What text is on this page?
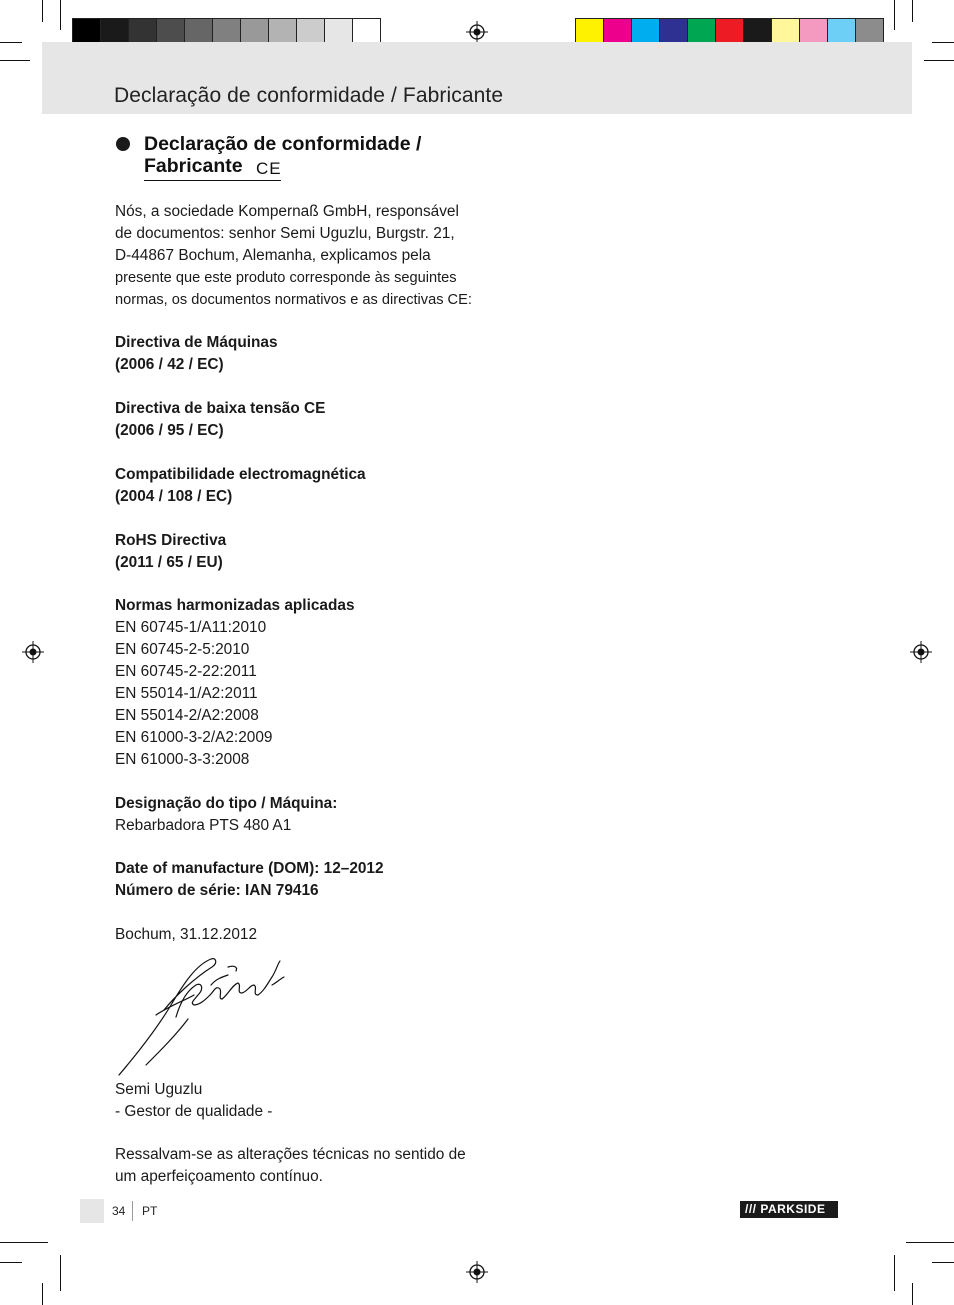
Declaração de conformidade / Fabricante
Declaração de conformidade /
Fabricante CE
Nós, a sociedade Kompernaß GmbH, responsável
de documentos: senhor Semi Uguzlu, Burgstr. 21,
D-44867 Bochum, Alemanha, explicamos pela
presente que este produto corresponde às seguintes
normas, os documentos normativos e as directivas CE:
Directiva de Máquinas
(2006 / 42 / EC)
Directiva de baixa tensão CE
(2006 / 95 / EC)
Compatibilidade electromagnética
(2004 / 108 / EC)
RoHS Directiva
(2011 / 65 / EU)
Normas harmonizadas aplicadas
EN 60745-1/A11:2010
EN 60745-2-5:2010
EN 60745-2-22:2011
EN 55014-1/A2:2011
EN 55014-2/A2:2008
EN 61000-3-2/A2:2009
EN 61000-3-3:2008
Designação do tipo / Máquina:
Rebarbadora PTS 480 A1
Date of manufacture (DOM): 12–2012
Número de série: IAN 79416
Bochum, 31.12.2012
Semi Uguzlu
- Gestor de qualidade -
Ressalvam-se as alterações técnicas no sentido de
um aperfeiçoamento contínuo.
34 PT	/// PARKSIDE
